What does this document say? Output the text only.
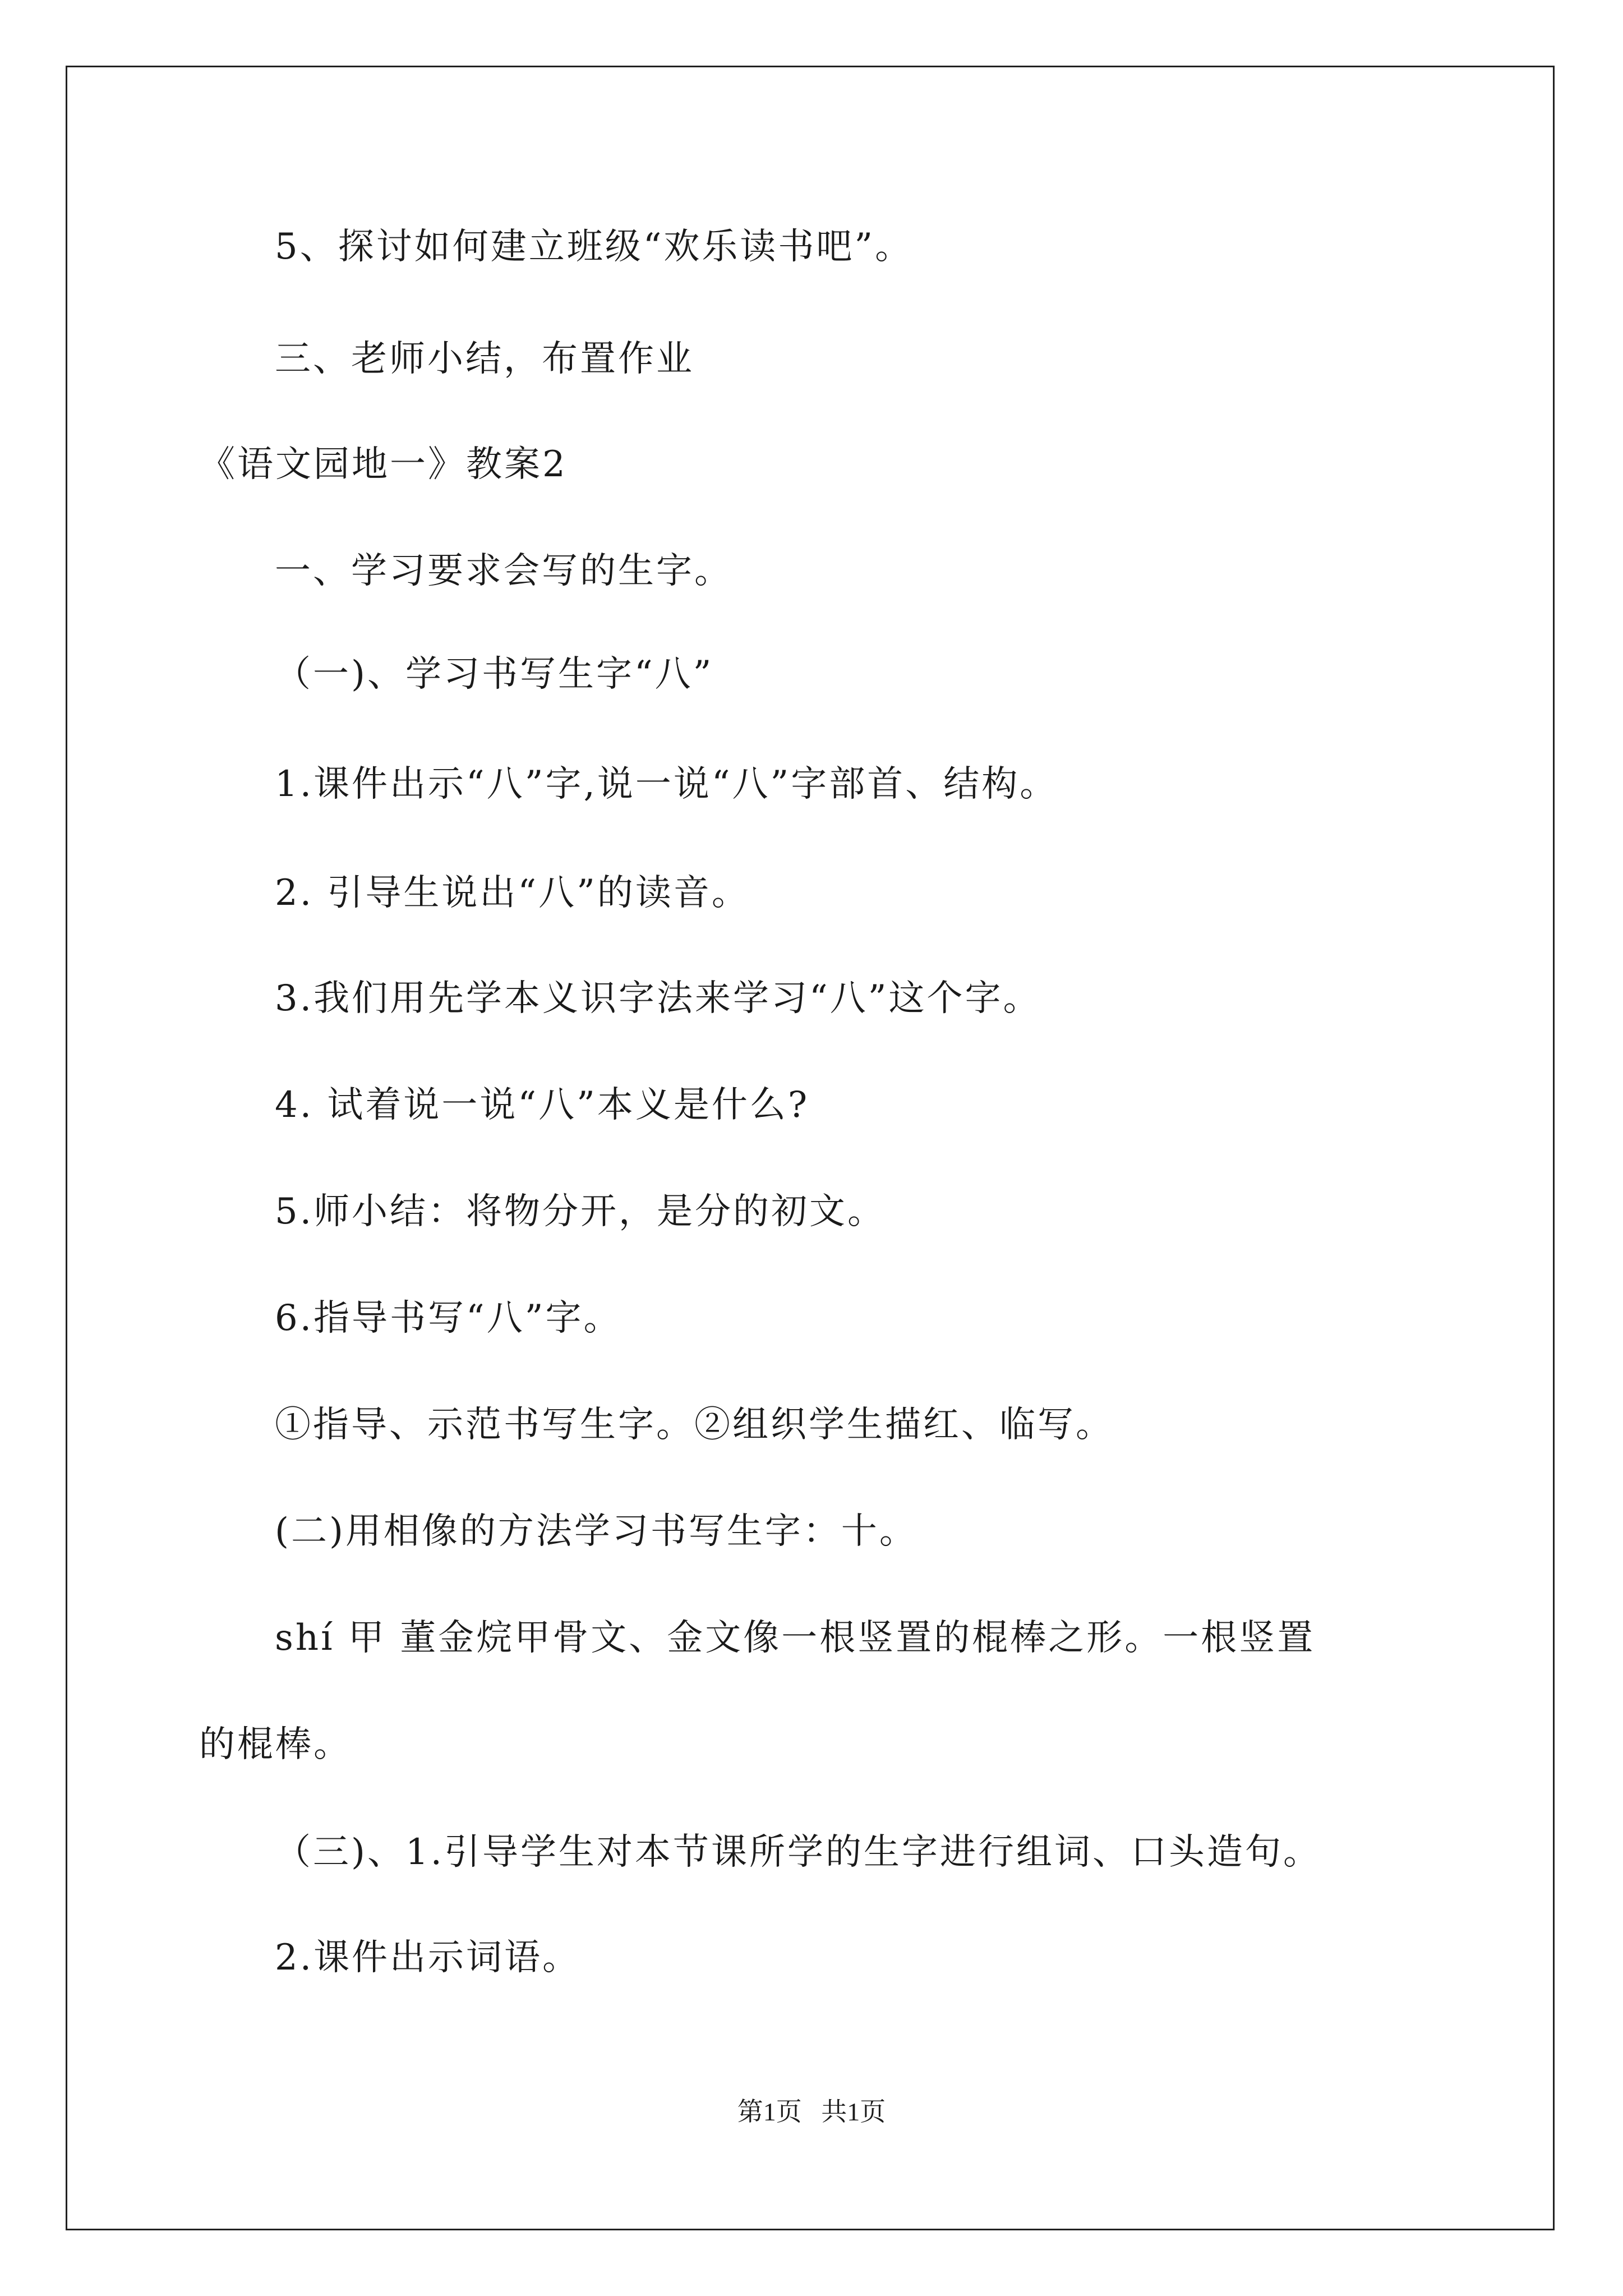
5、探讨如何建立班级“欢乐读书吧”。
三、老师小结，布置作业
《语文园地一》教案2
一、学习要求会写的生字。
（一)、学习书写生字“八”
1.课件出示“八”字,说一说“八”字部首、结构。
2. 引导生说出“八”的读音。
3.我们用先学本义识字法来学习“八”这个字。
4. 试着说一说“八”本义是什么?
5.师小结：将物分开，是分的初文。
6.指导书写“八”字。
①指导、示范书写生字。②组织学生描红、临写。
(二)用相像的方法学习书写生字：十。
shí 甲 董金烷甲骨文、金文像一根竖置的棍棒之形。一根竖置
的棍棒。
（三)、1.引导学生对本节课所学的生字进行组词、口头造句。
2.课件出示词语。
第1页   共1页
